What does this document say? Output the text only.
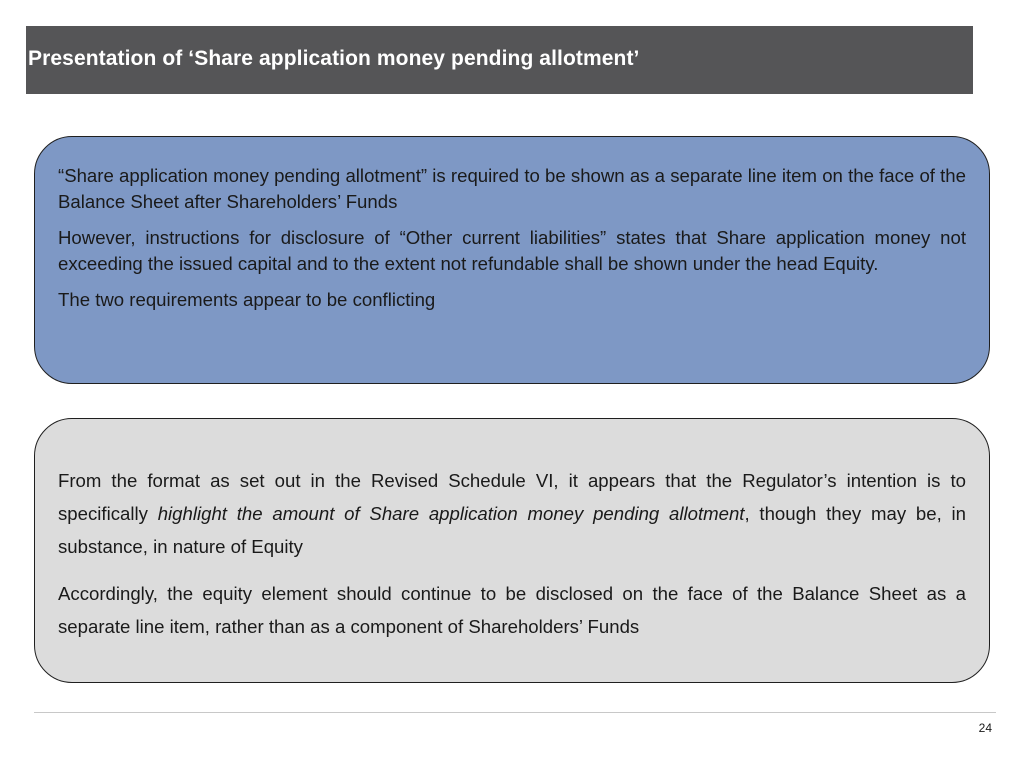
Presentation of ‘Share application money pending allotment’

“Share application money pending allotment” is required to be shown as a separate line item on the face of the Balance Sheet after Shareholders’ Funds

However, instructions for disclosure of “Other current liabilities” states that Share application money not exceeding the issued capital and to the extent not refundable shall be shown under the head Equity.

The two requirements appear to be conflicting

From the format as set out in the Revised Schedule VI, it appears that the Regulator’s intention is to specifically highlight the amount of Share application money pending allotment, though they may be, in substance, in nature of Equity

Accordingly, the equity element should continue to be disclosed on the face of the Balance Sheet as a separate line item, rather than as a component of Shareholders’ Funds

24
